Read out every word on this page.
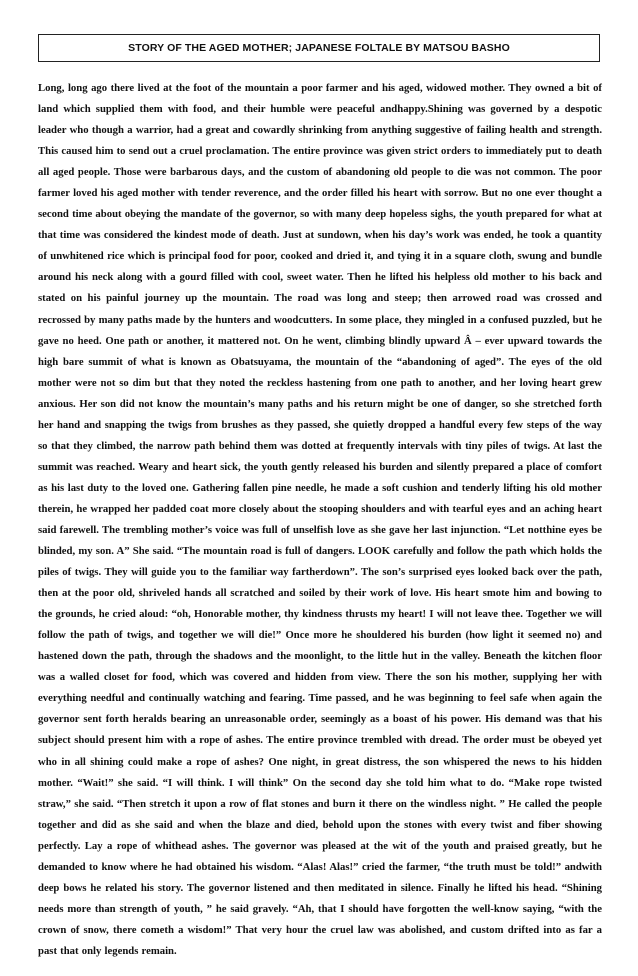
STORY OF THE AGED MOTHER; JAPANESE FOLTALE BY MATSOU BASHO

Long, long ago there lived at the foot of the mountain a poor farmer and his aged, widowed mother. They owned a bit of land which supplied them with food, and their humble were peaceful andhappy.Shining was governed by a despotic leader who though a warrior, had a great and cowardly shrinking from anything suggestive of failing health and strength. This caused him to send out a cruel proclamation. The entire province was given strict orders to immediately put to death all aged people. Those were barbarous days, and the custom of abandoning old people to die was not common. The poor farmer loved his aged mother with tender reverence, and the order filled his heart with sorrow. But no one ever thought a second time about obeying the mandate of the governor, so with many deep hopeless sighs, the youth prepared for what at that time was considered the kindest mode of death. Just at sundown, when his day’s work was ended, he took a quantity of unwhitened rice which is principal food for poor, cooked and dried it, and tying it in a square cloth, swung and bundle around his neck along with a gourd filled with cool, sweet water. Then he lifted his helpless old mother to his back and stated on his painful journey up the mountain. The road was long and steep; then arrowed road was crossed and recrossed by many paths made by the hunters and woodcutters. In some place, they mingled in a confused puzzled, but he gave no heed. One path or another, it mattered not. On he went, climbing blindly upward Â – ever upward towards the high bare summit of what is known as Obatsuyama, the mountain of the “abandoning of aged”. The eyes of the old mother were not so dim but that they noted the reckless hastening from one path to another, and her loving heart grew anxious. Her son did not know the mountain’s many paths and his return might be one of danger, so she stretched forth her hand and snapping the twigs from brushes as they passed, she quietly dropped a handful every few steps of the way so that they climbed, the narrow path behind them was dotted at frequently intervals with tiny piles of twigs. At last the summit was reached. Weary and heart sick, the youth gently released his burden and silently prepared a place of comfort as his last duty to the loved one. Gathering fallen pine needle, he made a soft cushion and tenderly lifting his old mother therein, he wrapped her padded coat more closely about the stooping shoulders and with tearful eyes and an aching heart said farewell. The trembling mother’s voice was full of unselfish love as she gave her last injunction. “Let notthine eyes be blinded, my son. A” She said. “The mountain road is full of dangers. LOOK carefully and follow the path which holds the piles of twigs. They will guide you to the familiar way fartherdown”. The son’s surprised eyes looked back over the path, then at the poor old, shriveled hands all scratched and soiled by their work of love. His heart smote him and bowing to the grounds, he cried aloud: “oh, Honorable mother, thy kindness thrusts my heart! I will not leave thee. Together we will follow the path of twigs, and together we will die!” Once more he shouldered his burden (how light it seemed no) and hastened down the path, through the shadows and the moonlight, to the little hut in the valley. Beneath the kitchen floor was a walled closet for food, which was covered and hidden from view. There the son his mother, supplying her with everything needful and continually watching and fearing. Time passed, and he was beginning to feel safe when again the governor sent forth heralds bearing an unreasonable order, seemingly as a boast of his power. His demand was that his subject should present him with a rope of ashes. The entire province trembled with dread. The order must be obeyed yet who in all shining could make a rope of ashes? One night, in great distress, the son whispered the news to his hidden mother. “Wait!” she said. “I will think. I will think” On the second day she told him what to do. “Make rope twisted straw,” she said. “Then stretch it upon a row of flat stones and burn it there on the windless night. ” He called the people together and did as she said and when the blaze and died, behold upon the stones with every twist and fiber showing perfectly. Lay a rope of whithead ashes. The governor was pleased at the wit of the youth and praised greatly, but he demanded to know where he had obtained his wisdom. “Alas! Alas!” cried the farmer, “the truth must be told!” andwith deep bows he related his story. The governor listened and then meditated in silence. Finally he lifted his head. “Shining needs more than strength of youth, ” he said gravely. “Ah, that I should have forgotten the well-know saying, “with the crown of snow, there cometh a wisdom!” That very hour the cruel law was abolished, and custom drifted into as far a past that only legends remain.
